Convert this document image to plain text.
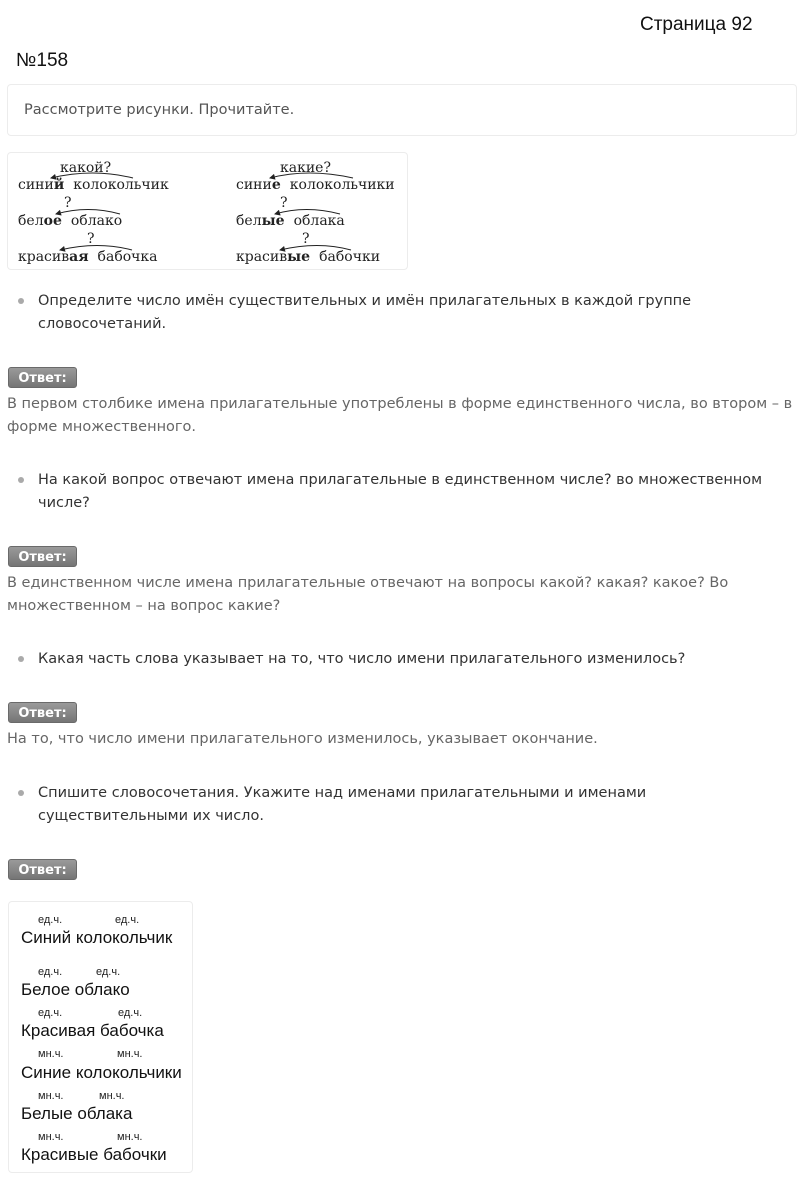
Страница 92
№158
Рассмотрите рисунки. Прочитайте.
какой?
синий колокольчик
?
белое облако
?
красивая бабочка
какие?
синие колокольчики
?
белые облака
?
красивые бабочки
Определите число имён существительных и имён прилагательных в каждой группе словосочетаний.
Ответ:
В первом столбике имена прилагательные употреблены в форме единственного числа, во втором – в форме множественного.
На какой вопрос отвечают имена прилагательные в единственном числе? во множественном числе?
Ответ:
В единственном числе имена прилагательные отвечают на вопросы какой? какая? какое? Во множественном – на вопрос какие?
Какая часть слова указывает на то, что число имени прилагательного изменилось?
Ответ:
На то, что число имени прилагательного изменилось, указывает окончание.
Спишите словосочетания. Укажите над именами прилагательными и именами существительными их число.
Ответ:
ед.ч.	ед.ч.
Синий колокольчик
ед.ч.	ед.ч.
Белое облако
ед.ч.	ед.ч.
Красивая бабочка
мн.ч.	мн.ч.
Синие колокольчики
мн.ч.	мн.ч.
Белые облака
мн.ч.	мн.ч.
Красивые бабочки
